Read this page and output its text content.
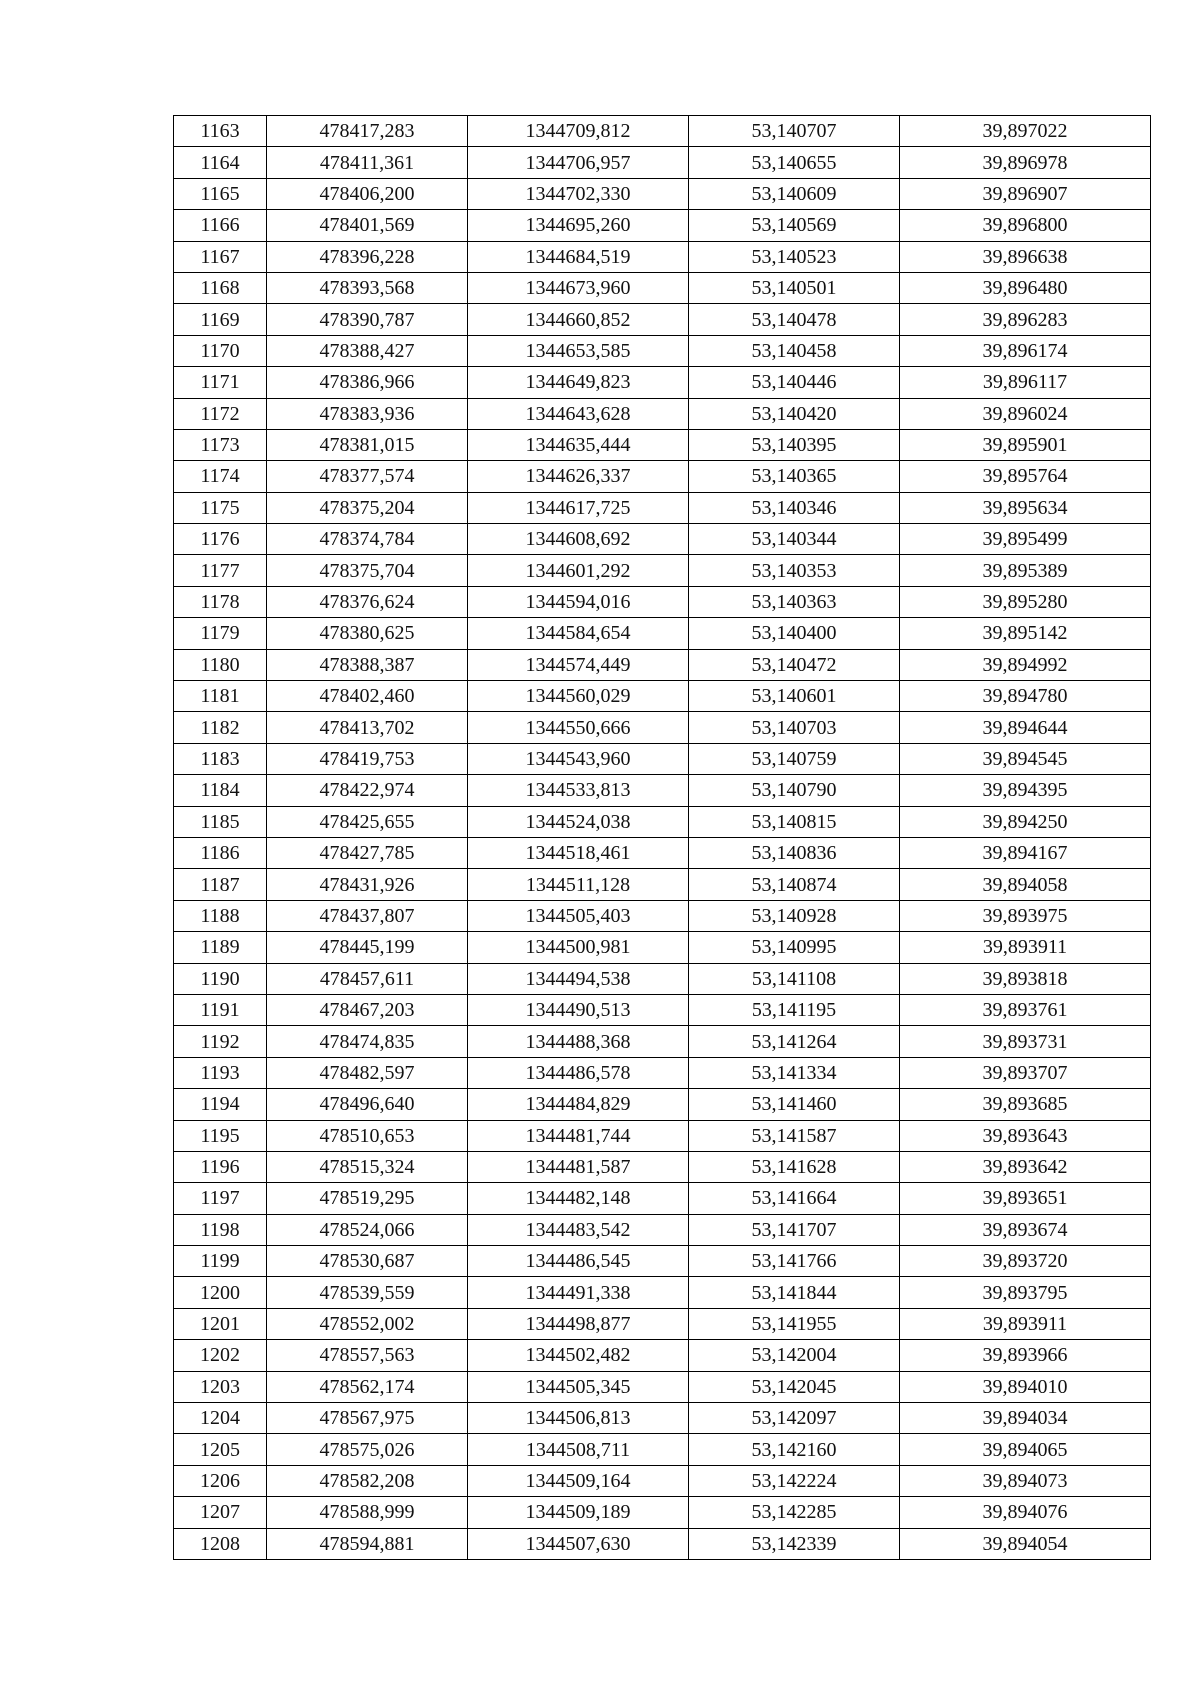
1163	478417,283	1344709,812	53,140707	39,897022
1164	478411,361	1344706,957	53,140655	39,896978
1165	478406,200	1344702,330	53,140609	39,896907
1166	478401,569	1344695,260	53,140569	39,896800
1167	478396,228	1344684,519	53,140523	39,896638
1168	478393,568	1344673,960	53,140501	39,896480
1169	478390,787	1344660,852	53,140478	39,896283
1170	478388,427	1344653,585	53,140458	39,896174
1171	478386,966	1344649,823	53,140446	39,896117
1172	478383,936	1344643,628	53,140420	39,896024
1173	478381,015	1344635,444	53,140395	39,895901
1174	478377,574	1344626,337	53,140365	39,895764
1175	478375,204	1344617,725	53,140346	39,895634
1176	478374,784	1344608,692	53,140344	39,895499
1177	478375,704	1344601,292	53,140353	39,895389
1178	478376,624	1344594,016	53,140363	39,895280
1179	478380,625	1344584,654	53,140400	39,895142
1180	478388,387	1344574,449	53,140472	39,894992
1181	478402,460	1344560,029	53,140601	39,894780
1182	478413,702	1344550,666	53,140703	39,894644
1183	478419,753	1344543,960	53,140759	39,894545
1184	478422,974	1344533,813	53,140790	39,894395
1185	478425,655	1344524,038	53,140815	39,894250
1186	478427,785	1344518,461	53,140836	39,894167
1187	478431,926	1344511,128	53,140874	39,894058
1188	478437,807	1344505,403	53,140928	39,893975
1189	478445,199	1344500,981	53,140995	39,893911
1190	478457,611	1344494,538	53,141108	39,893818
1191	478467,203	1344490,513	53,141195	39,893761
1192	478474,835	1344488,368	53,141264	39,893731
1193	478482,597	1344486,578	53,141334	39,893707
1194	478496,640	1344484,829	53,141460	39,893685
1195	478510,653	1344481,744	53,141587	39,893643
1196	478515,324	1344481,587	53,141628	39,893642
1197	478519,295	1344482,148	53,141664	39,893651
1198	478524,066	1344483,542	53,141707	39,893674
1199	478530,687	1344486,545	53,141766	39,893720
1200	478539,559	1344491,338	53,141844	39,893795
1201	478552,002	1344498,877	53,141955	39,893911
1202	478557,563	1344502,482	53,142004	39,893966
1203	478562,174	1344505,345	53,142045	39,894010
1204	478567,975	1344506,813	53,142097	39,894034
1205	478575,026	1344508,711	53,142160	39,894065
1206	478582,208	1344509,164	53,142224	39,894073
1207	478588,999	1344509,189	53,142285	39,894076
1208	478594,881	1344507,630	53,142339	39,894054
